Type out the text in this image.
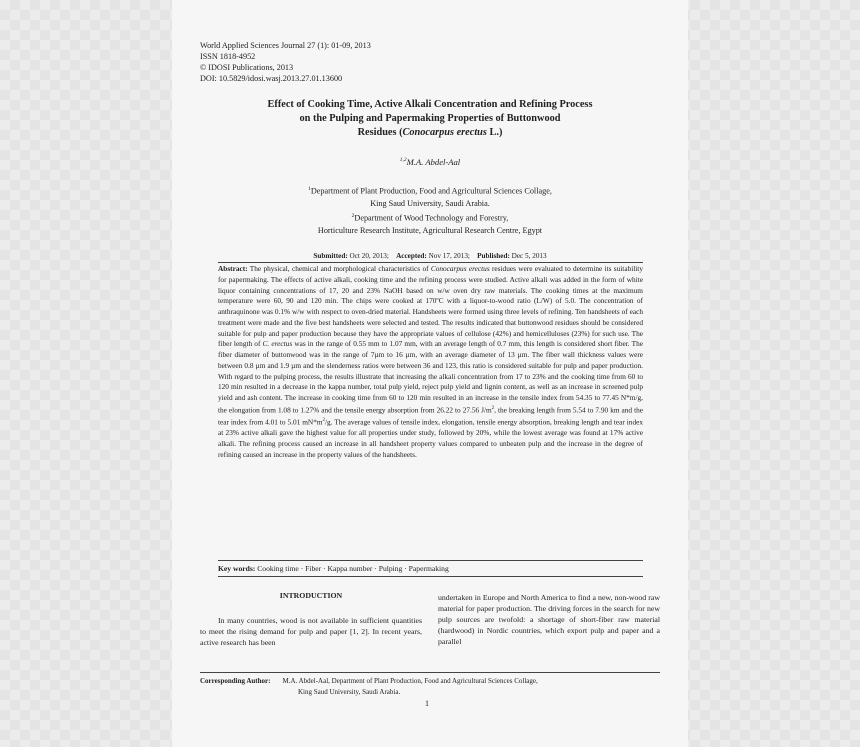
World Applied Sciences Journal 27 (1): 01-09, 2013
ISSN 1818-4952
© IDOSI Publications, 2013
DOI: 10.5829/idosi.wasj.2013.27.01.13600
Effect of Cooking Time, Active Alkali Concentration and Refining Process
on the Pulping and Papermaking Properties of Buttonwood
Residues (Conocarpus erectus L.)
$^{1,2}$M.A. Abdel-Aal
$^1$Department of Plant Production, Food and Agricultural Sciences Collage,
King Saud University, Saudi Arabia.
$^2$Department of Wood Technology and Forestry,
Horticulture Research Institute, Agricultural Research Centre, Egypt
Submitted: Oct 20, 2013; Accepted: Nov 17, 2013; Published: Dec 5, 2013
Abstract: The physical, chemical and morphological characteristics of Conocarpus erectus residues were evaluated to determine its suitability for papermaking. The effects of active alkali, cooking time and the refining process were studied. Active alkali was added in the form of white liquor containing concentrations of 17, 20 and 23% NaOH based on w/w oven dry raw materials. The cooking times at the maximum temperature were 60, 90 and 120 min. The chips were cooked at 170ºC with a liquor-to-wood ratio (L/W) of 5.0. The concentration of anthraquinone was 0.1% w/w with respect to oven-dried material. Handsheets were formed using three levels of refining. Ten handsheets of each treatment were made and the five best handsheets were selected and tested. The results indicated that buttonwood residues should be considered suitable for pulp and paper production because they have the appropriate values of cellulose (42%) and hemicelluloses (23%) for such use. The fiber length of C. erectus was in the range of 0.55 mm to 1.07 mm, with an average length of 0.7 mm, this length is considered short fiber. The fiber diameter of buttonwood was in the range of 7µm to 16 µm, with an average diameter of 13 µm. The fiber wall thickness values were between 0.8 µm and 1.9 µm and the slenderness ratios were between 36 and 123, this ratio is considered suitable for pulp and paper production. With regard to the pulping process, the results illustrate that increasing the alkali concentration from 17 to 23% and the cooking time from 60 to 120 min resulted in a decrease in the kappa number, total pulp yield, reject pulp yield and lignin content, as well as an increase in screened pulp yield and ash content. The increase in cooking time from 60 to 120 min resulted in an increase in the tensile index from 54.35 to 77.45 N*m/g, the elongation from 1.08 to 1.27% and the tensile energy absorption from 26.22 to 27.56 $J/m^2$, the breaking length from 5.54 to 7.90 km and the tear index from 4.01 to 5.01 $mN*m^2/g$. The average values of tensile index, elongation, tensile energy absorption, breaking length and tear index at 23% active alkali gave the highest value for all properties under study, followed by 20%, while the lowest average was found at 17% active alkali. The refining process caused an increase in all handsheet property values compared to unbeaten pulp and the increase in the degree of refining caused an increase in the property values of the handsheets.
Key words: Cooking time · Fiber · Kappa number · Pulping · Papermaking
INTRODUCTION
In many countries, wood is not available in sufficient quantities to meet the rising demand for pulp and paper [1, 2]. In recent years, active research has been
undertaken in Europe and North America to find a new, non-wood raw material for paper production. The driving forces in the search for new pulp sources are twofold: a shortage of short-fiber raw material (hardwood) in Nordic countries, which export pulp and paper and a parallel
Corresponding Author: M.A. Abdel-Aal, Department of Plant Production, Food and Agricultural Sciences Collage,
King Saud University, Saudi Arabia.
1
